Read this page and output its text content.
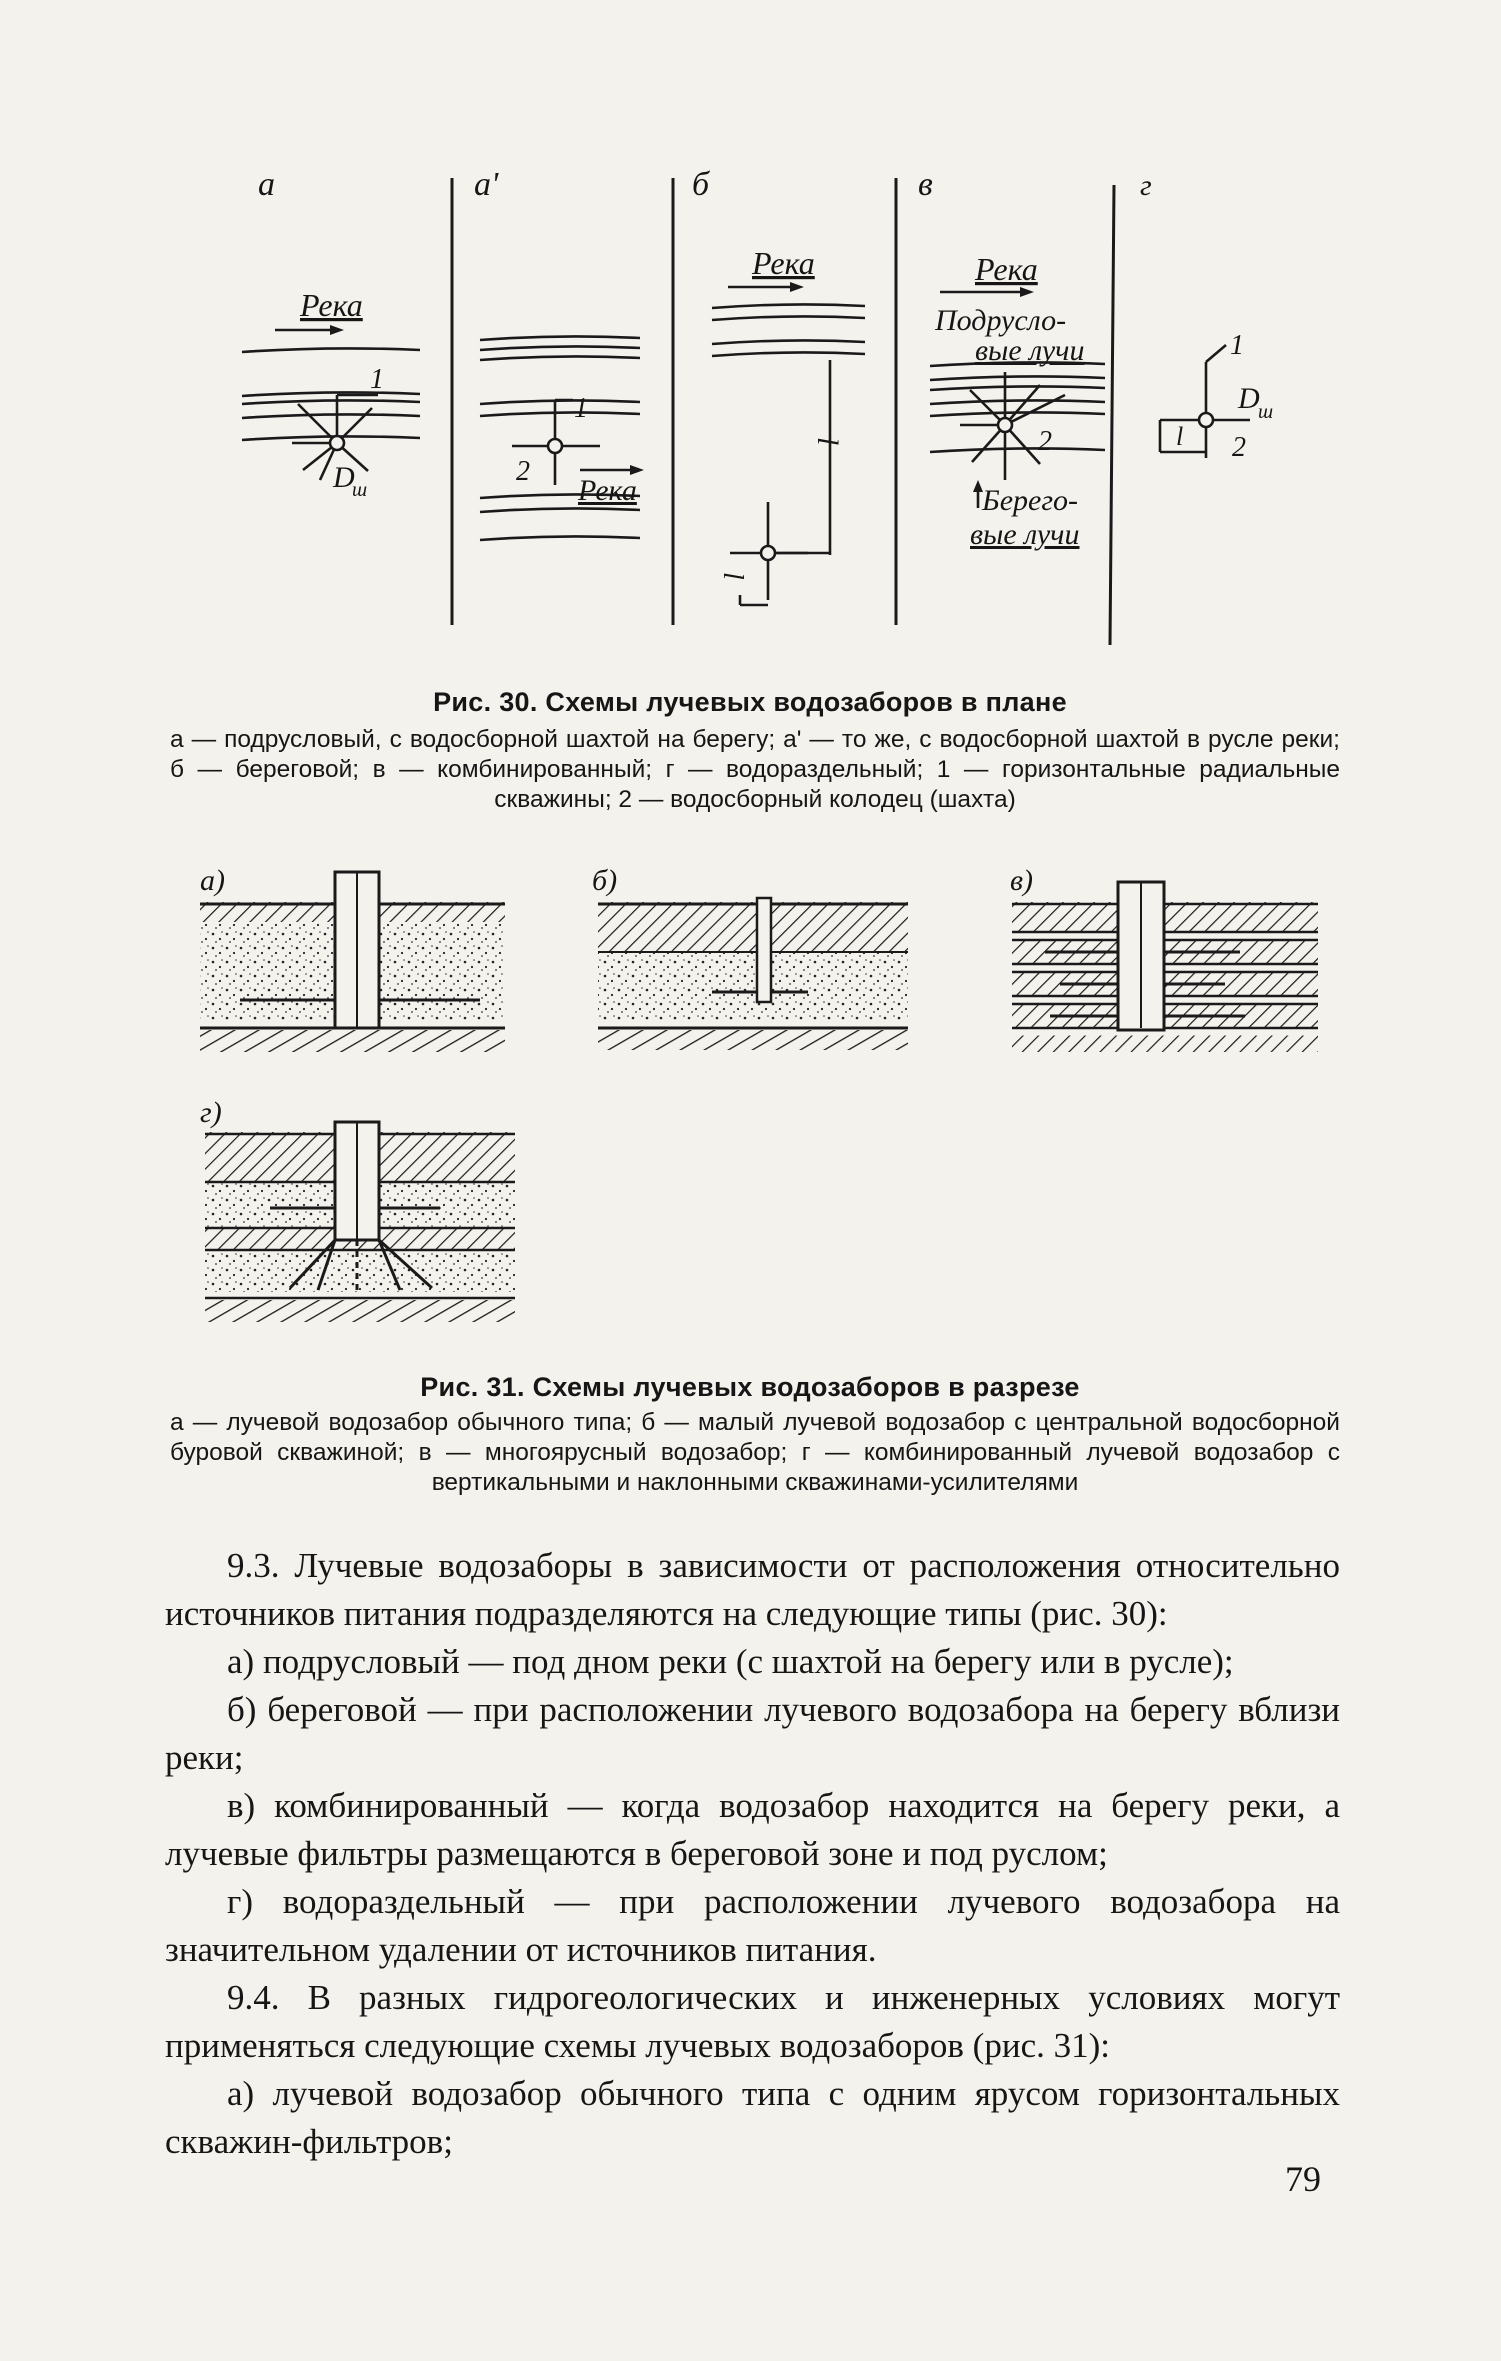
а	а'	б	в	г
Река
1
D
ш
1
2
Река
Река
l
l
Река
Подрусло-
вые лучи
2
Берего-
вые лучи
1
D
ш
l 2
Рис. 30. Схемы лучевых водозаборов в плане
а — подрусловый, с водосборной шахтой на берегу; а' — то же, с водосборной шахтой в русле реки; б — береговой; в — комбинированный; г — водораздельный; 1 — горизонтальные радиальные скважины; 2 — водосборный колодец (шахта)
а)	б)	в)
г)
Рис. 31. Схемы лучевых водозаборов в разрезе
а — лучевой водозабор обычного типа; б — малый лучевой водозабор с центральной водосборной буровой скважиной; в — многоярусный водозабор; г — комбинированный лучевой водозабор с вертикальными и наклонными скважинами-усилителями

9.3. Лучевые водозаборы в зависимости от расположения относительно источников питания подразделяются на следующие типы (рис. 30):

а) подрусловый — под дном реки (с шахтой на берегу или в русле);

б) береговой — при расположении лучевого водозабора на берегу вблизи реки;

в) комбинированный — когда водозабор находится на берегу реки, а лучевые фильтры размещаются в береговой зоне и под руслом;

г) водораздельный — при расположении лучевого водозабора на значительном удалении от источников питания.

9.4. В разных гидрогеологических и инженерных условиях могут применяться следующие схемы лучевых водозаборов (рис. 31):

а) лучевой водозабор обычного типа с одним ярусом горизонтальных скважин-фильтров;

79
